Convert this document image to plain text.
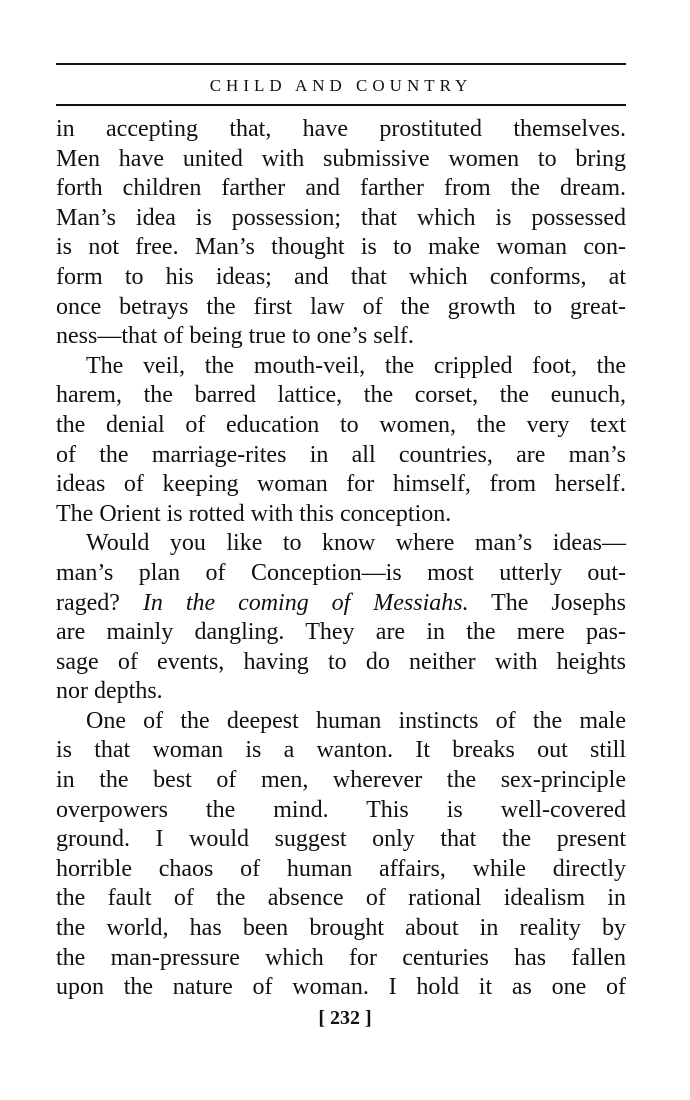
CHILD AND COUNTRY
in accepting that, have prostituted themselves.
Men have united with submissive women to bring
forth children farther and farther from the dream.
Man’s idea is possession; that which is possessed
is not free. Man’s thought is to make woman con-
form to his ideas; and that which conforms, at
once betrays the first law of the growth to great-
ness—that of being true to one’s self.
The veil, the mouth-veil, the crippled foot, the
harem, the barred lattice, the corset, the eunuch,
the denial of education to women, the very text
of the marriage-rites in all countries, are man’s
ideas of keeping woman for himself, from herself.
The Orient is rotted with this conception.
Would you like to know where man’s ideas—
man’s plan of Conception—is most utterly out-
raged? In the coming of Messiahs. The Josephs
are mainly dangling. They are in the mere pas-
sage of events, having to do neither with heights
nor depths.
One of the deepest human instincts of the male
is that woman is a wanton. It breaks out still
in the best of men, wherever the sex-principle
overpowers the mind. This is well-covered
ground. I would suggest only that the present
horrible chaos of human affairs, while directly
the fault of the absence of rational idealism in
the world, has been brought about in reality by
the man-pressure which for centuries has fallen
upon the nature of woman. I hold it as one of
[ 232 ]
